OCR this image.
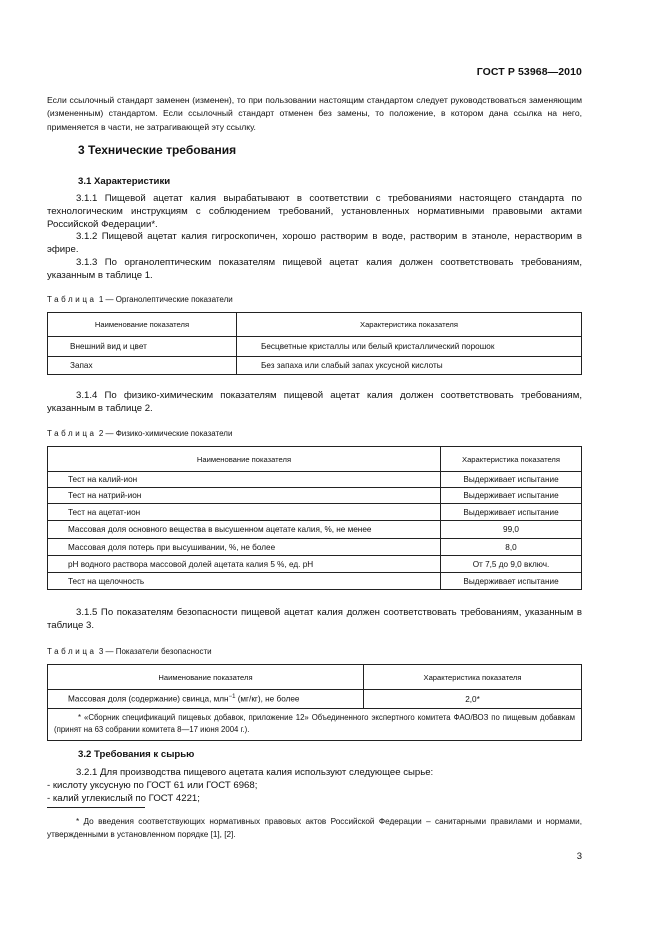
ГОСТ Р 53968—2010

Если ссылочный стандарт заменен (изменен), то при пользовании настоящим стандартом следует руководствоваться заменяющим (измененным) стандартом. Если ссылочный стандарт отменен без замены, то положение, в котором дана ссылка на него, применяется в части, не затрагивающей эту ссылку.

3 Технические требования
3.1 Характеристики

3.1.1 Пищевой ацетат калия вырабатывают в соответствии с требованиями настоящего стандарта по технологическим инструкциям с соблюдением требований, установленных нормативными правовыми актами Российской Федерации*.

3.1.2 Пищевой ацетат калия гигроскопичен, хорошо растворим в воде, растворим в этаноле, нерастворим в эфире.

3.1.3 По органолептическим показателям пищевой ацетат калия должен соответствовать требованиям, указанным в таблице 1.

Таблица 1 — Органолептические показатели
Наименование показателя	Характеристика показателя
Внешний вид и цвет	Бесцветные кристаллы или белый кристаллический порошок
Запах	Без запаха или слабый запах уксусной кислоты

3.1.4 По физико-химическим показателям пищевой ацетат калия должен соответствовать требованиям, указанным в таблице 2.

Таблица 2 — Физико-химические показатели
Наименование показателя	Характеристика показателя
Тест на калий-ион	Выдерживает испытание
Тест на натрий-ион	Выдерживает испытание
Тест на ацетат-ион	Выдерживает испытание
Массовая доля основного вещества в высушенном ацетате калия, %, не менее	99,0
Массовая доля потерь при высушивании, %, не более	8,0
pH водного раствора массовой долей ацетата калия 5 %, ед. pH	От 7,5 до 9,0 включ.
Тест на щелочность	Выдерживает испытание

3.1.5 По показателям безопасности пищевой ацетат калия должен соответствовать требованиям, указанным в таблице 3.

Таблица 3 — Показатели безопасности
Наименование показателя	Характеристика показателя
Массовая доля (содержание) свинца, млн$^{-1}$ (мг/кг), не более	2,0*
* «Сборник спецификаций пищевых добавок, приложение 12» Объединенного экспертного комитета ФАО/ВОЗ по пищевым добавкам (принят на 63 собрании комитета 8—17 июня 2004 г.).	
3.2 Требования к сырью

3.2.1 Для производства пищевого ацетата калия используют следующее сырье:

- кислоту уксусную по ГОСТ 61 или ГОСТ 6968;

- калий углекислый по ГОСТ 4221;

* До введения соответствующих нормативных правовых актов Российской Федерации – санитарными правилами и нормами, утвержденными в установленном порядке [1], [2].

3
